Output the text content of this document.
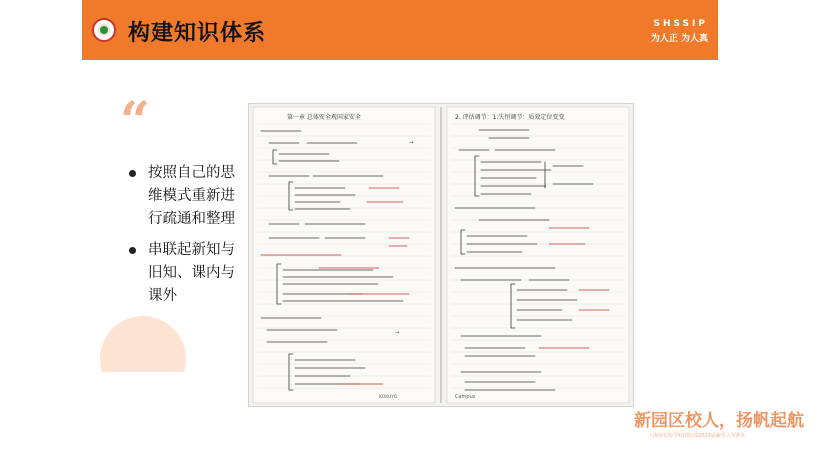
构建知识体系	SHSSIP
为人正 为人真
“
按照自己的思维模式重新进行疏通和整理
串联起新知与旧知、课内与课外
第一章 总体安全观国家安全	2. 评估调节：1.失恒调节：质效定位变变
→
→
KOKUYO	Campus
新园区校人，扬帆起航
上海市实验学校国际部2023届新生入学典礼
